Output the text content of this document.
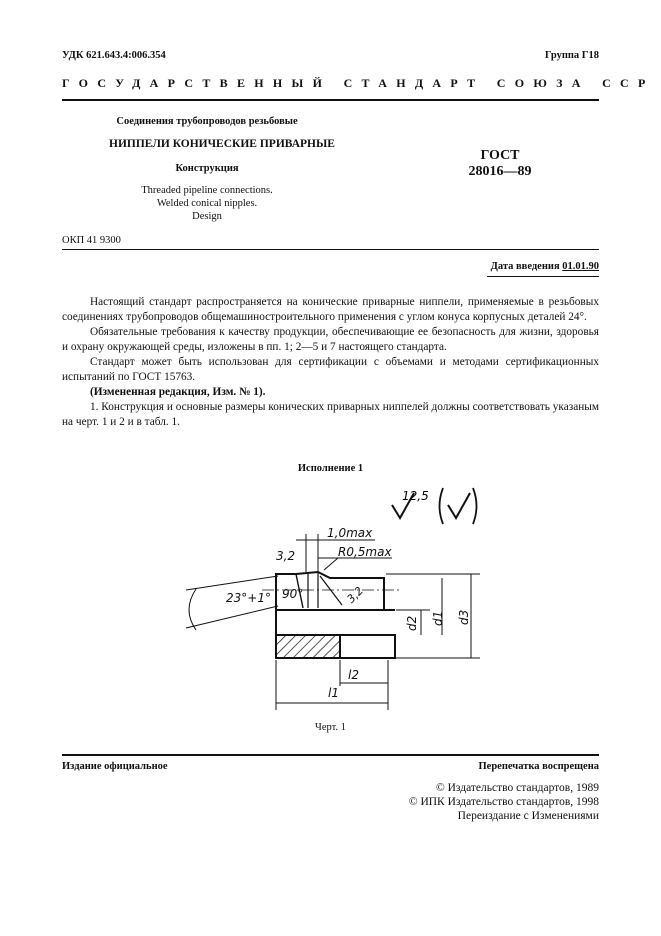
УДК 621.643.4:006.354	Группа Г18
ГОСУДАРСТВЕННЫЙ СТАНДАРТ СОЮЗА ССР
Соединения трубопроводов резьбовые
НИППЕЛИ КОНИЧЕСКИЕ ПРИВАРНЫЕ
Конструкция
Threaded pipeline connections.
Welded conical nipples.
Design
ГОСТ
28016—89
ОКП 41 9300
Дата введения 01.01.90

Настоящий стандарт распространяется на конические приварные ниппели, применяемые в резьбовых соединениях трубопроводов общемашиностроительного применения с углом конуса корпусных деталей 24°.

Обязательные требования к качеству продукции, обеспечивающие ее безопасность для жизни, здоровья и охрану окружающей среды, изложены в пп. 1; 2—5 и 7 настоящего стандарта.

Стандарт может быть использован для сертификации с объемами и методами сертификационных испытаний по ГОСТ 15763.

(Измененная редакция, Изм. № 1).

1. Конструкция и основные размеры конических приварных ниппелей должны соответствовать указаным на черт. 1 и 2 и в табл. 1.

Исполнение 1
12,5
23°+1°
1,0max
R0,5max
3,2
90°	3,2
d2 d1 d3
l2
l1
Черт. 1
Издание официальное	Перепечатка воспрещена
© Издательство стандартов, 1989
© ИПК Издательство стандартов, 1998
Переиздание с Изменениями
